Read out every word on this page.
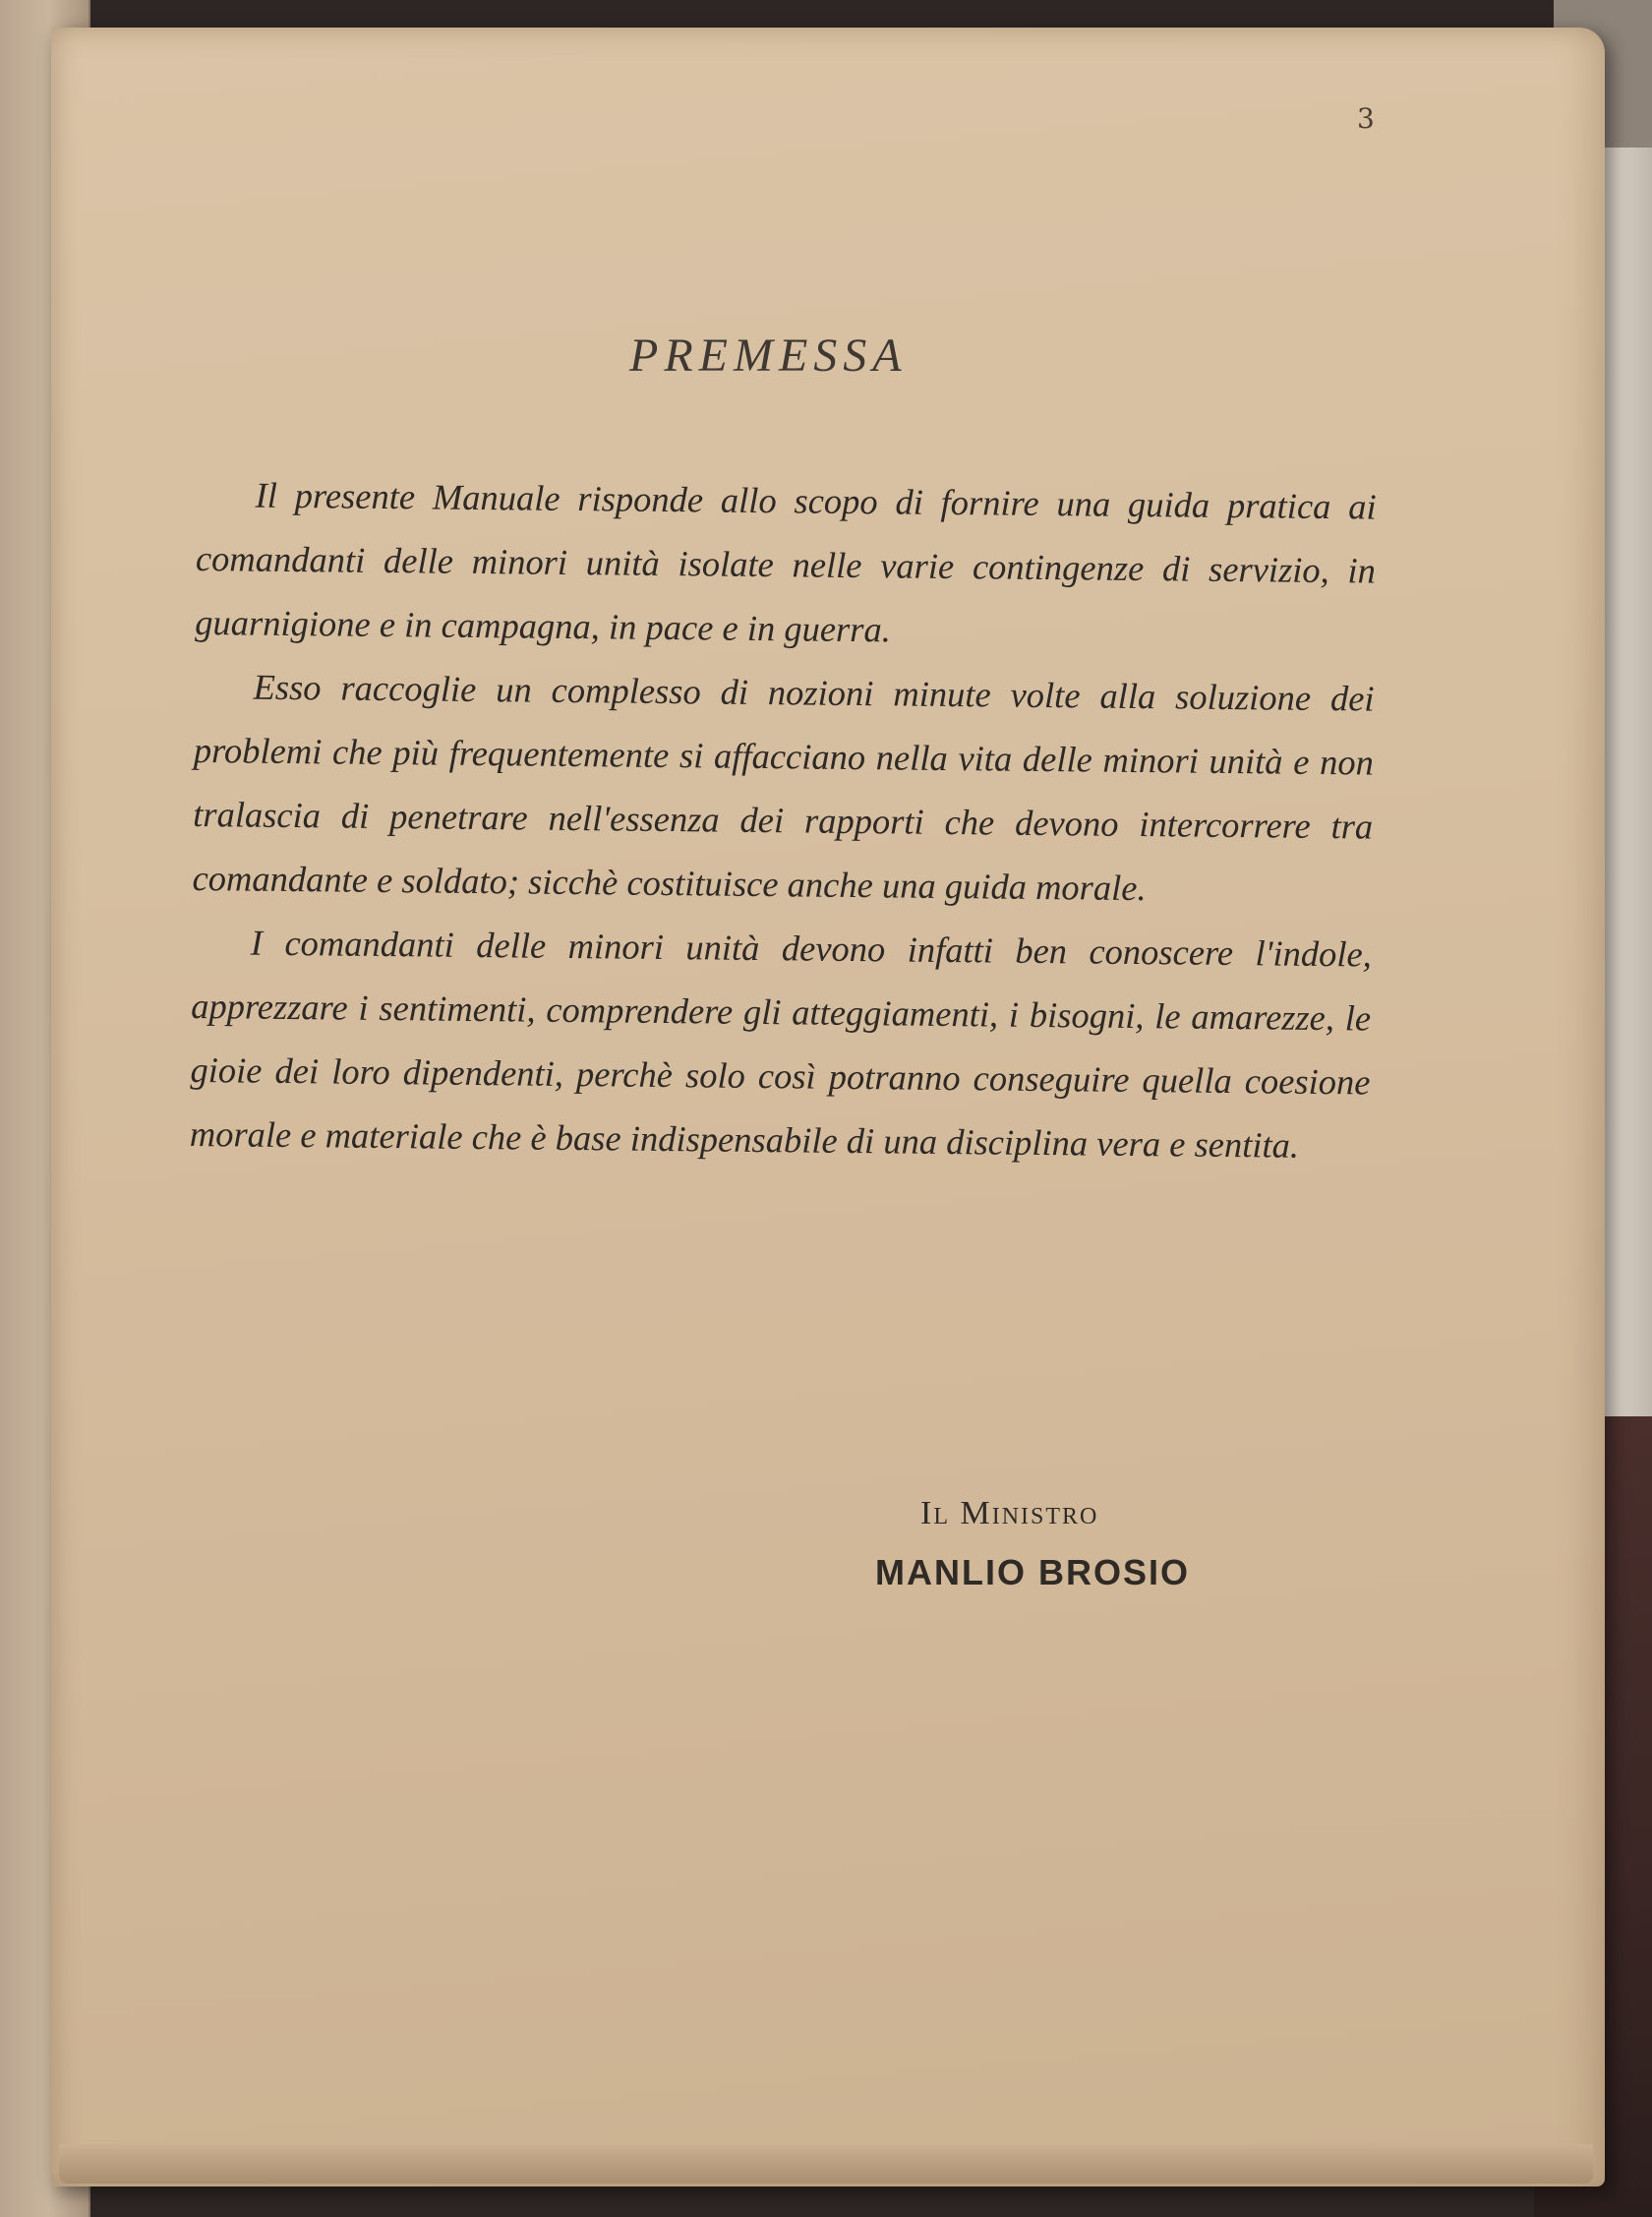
3
PREMESSA

Il presente Manuale risponde allo scopo di fornire una guida pratica ai comandanti delle minori unità isolate nelle varie contingenze di servizio, in guarnigione e in campagna, in pace e in guerra.

Esso raccoglie un complesso di nozioni minute volte alla soluzione dei problemi che più frequentemente si affacciano nella vita delle minori unità e non tralascia di penetrare nell'essenza dei rapporti che devono intercorrere tra comandante e soldato; sicchè costituisce anche una guida morale.

I comandanti delle minori unità devono infatti ben conoscere l'indole, apprezzare i sentimenti, comprendere gli atteggiamenti, i bisogni, le amarezze, le gioie dei loro dipendenti, perchè solo così potranno conseguire quella coesione morale e materiale che è base indispensabile di una disciplina vera e sentita.

Il Ministro
MANLIO BROSIO
